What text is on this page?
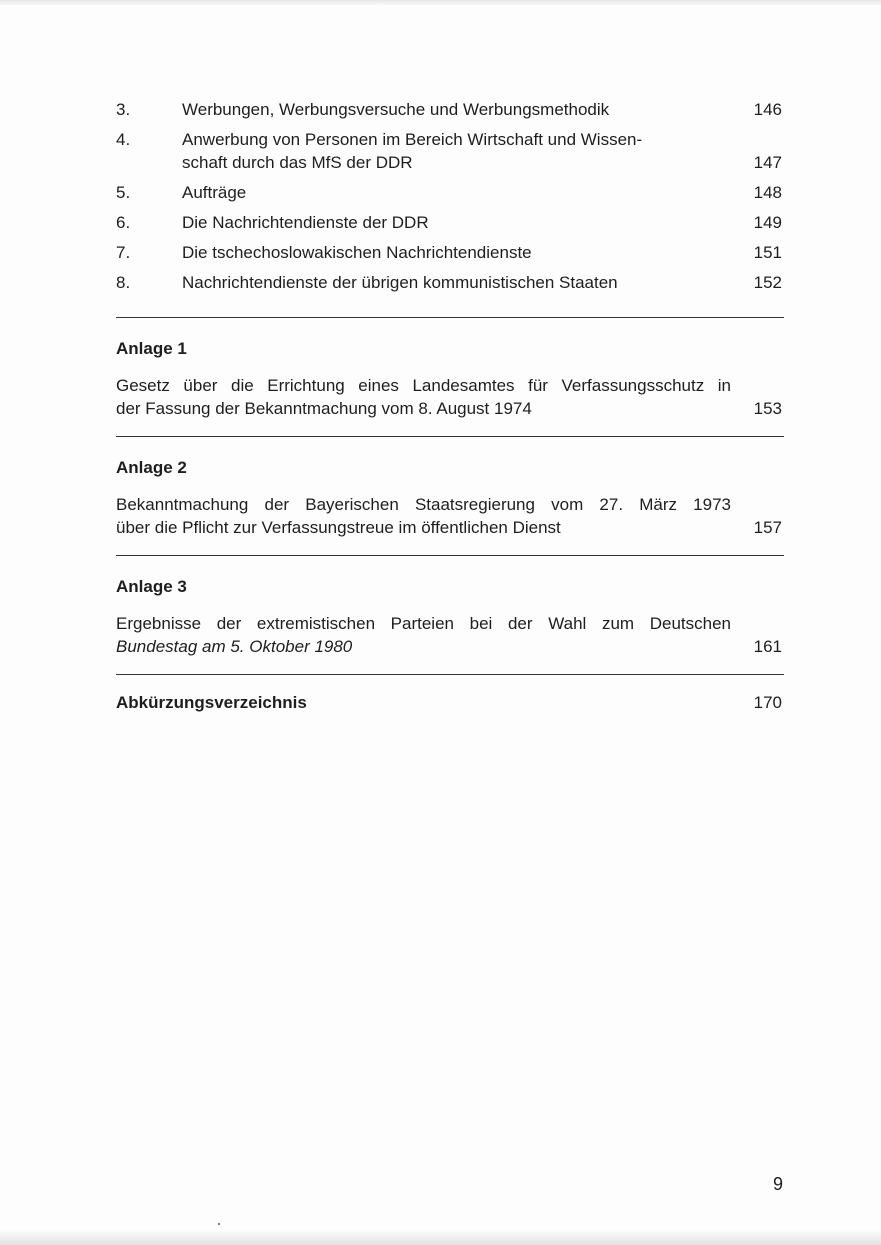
3.	Werbungen, Werbungsversuche und Werbungsmethodik	146
4.	Anwerbung von Personen im Bereich Wirtschaft und Wissen-
schaft durch das MfS der DDR	147
5.	Aufträge	148
6.	Die Nachrichtendienste der DDR	149
7.	Die tschechoslowakischen Nachrichtendienste	151
8.	Nachrichtendienste der übrigen kommunistischen Staaten	152
Anlage 1
Gesetz über die Errichtung eines Landesamtes für Verfassungsschutz in
der Fassung der Bekanntmachung vom 8. August 1974	153
Anlage 2
Bekanntmachung der Bayerischen Staatsregierung vom 27. März 1973
über die Pflicht zur Verfassungstreue im öffentlichen Dienst	157
Anlage 3
Ergebnisse der extremistischen Parteien bei der Wahl zum Deutschen
Bundestag am 5. Oktober 1980	161
Abkürzungsverzeichnis	170
9
